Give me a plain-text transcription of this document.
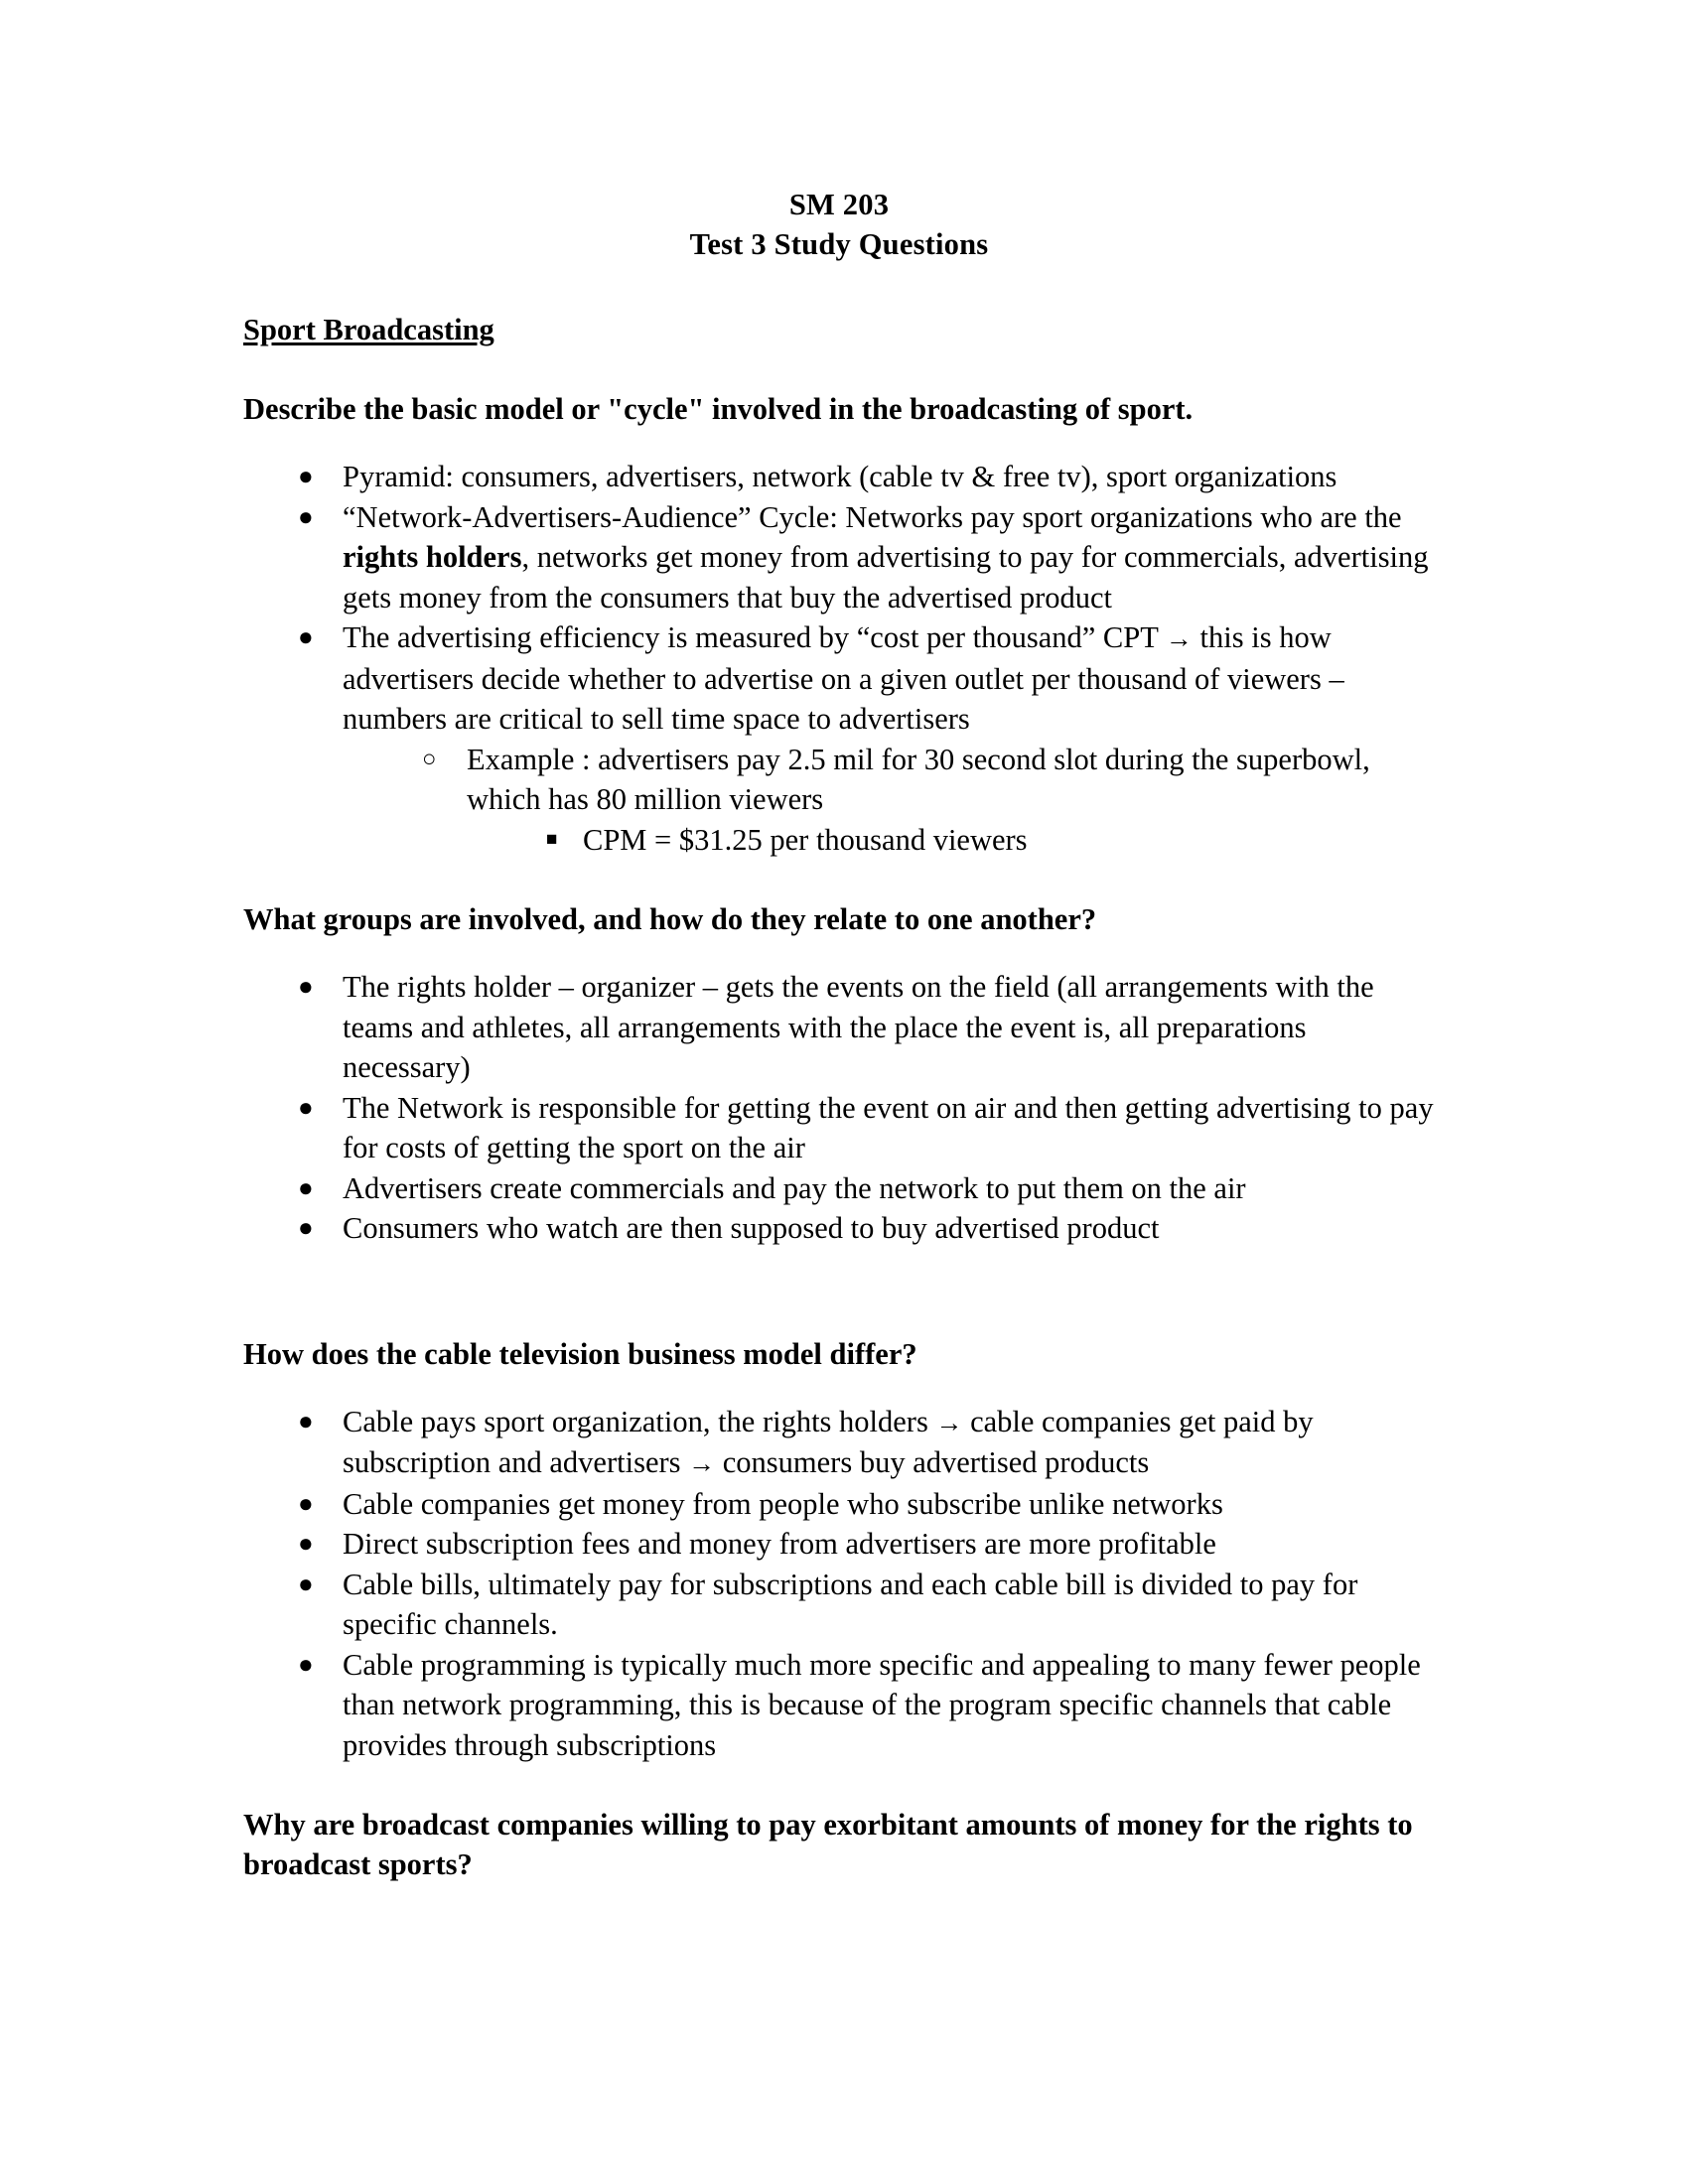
SM 203
Test 3 Study Questions
Sport Broadcasting
Describe the basic model or "cycle" involved in the broadcasting of sport.
● Pyramid: consumers, advertisers, network (cable tv & free tv), sport organizations
● “Network-Advertisers-Audience” Cycle: Networks pay sport organizations who are the rights holders, networks get money from advertising to pay for commercials, advertising gets money from the consumers that buy the advertised product
● The advertising efficiency is measured by “cost per thousand” CPT → this is how advertisers decide whether to advertise on a given outlet per thousand of viewers – numbers are critical to sell time space to advertisers
○ Example : advertisers pay 2.5 mil for 30 second slot during the superbowl, which has 80 million viewers
■ CPM = $31.25 per thousand viewers
What groups are involved, and how do they relate to one another?
● The rights holder – organizer – gets the events on the field (all arrangements with the teams and athletes, all arrangements with the place the event is, all preparations necessary)
● The Network is responsible for getting the event on air and then getting advertising to pay for costs of getting the sport on the air
● Advertisers create commercials and pay the network to put them on the air
● Consumers who watch are then supposed to buy advertised product
How does the cable television business model differ?
● Cable pays sport organization, the rights holders → cable companies get paid by subscription and advertisers → consumers buy advertised products
● Cable companies get money from people who subscribe unlike networks
● Direct subscription fees and money from advertisers are more profitable
● Cable bills, ultimately pay for subscriptions and each cable bill is divided to pay for specific channels.
● Cable programming is typically much more specific and appealing to many fewer people than network programming, this is because of the program specific channels that cable provides through subscriptions
Why are broadcast companies willing to pay exorbitant amounts of money for the rights to broadcast sports?
